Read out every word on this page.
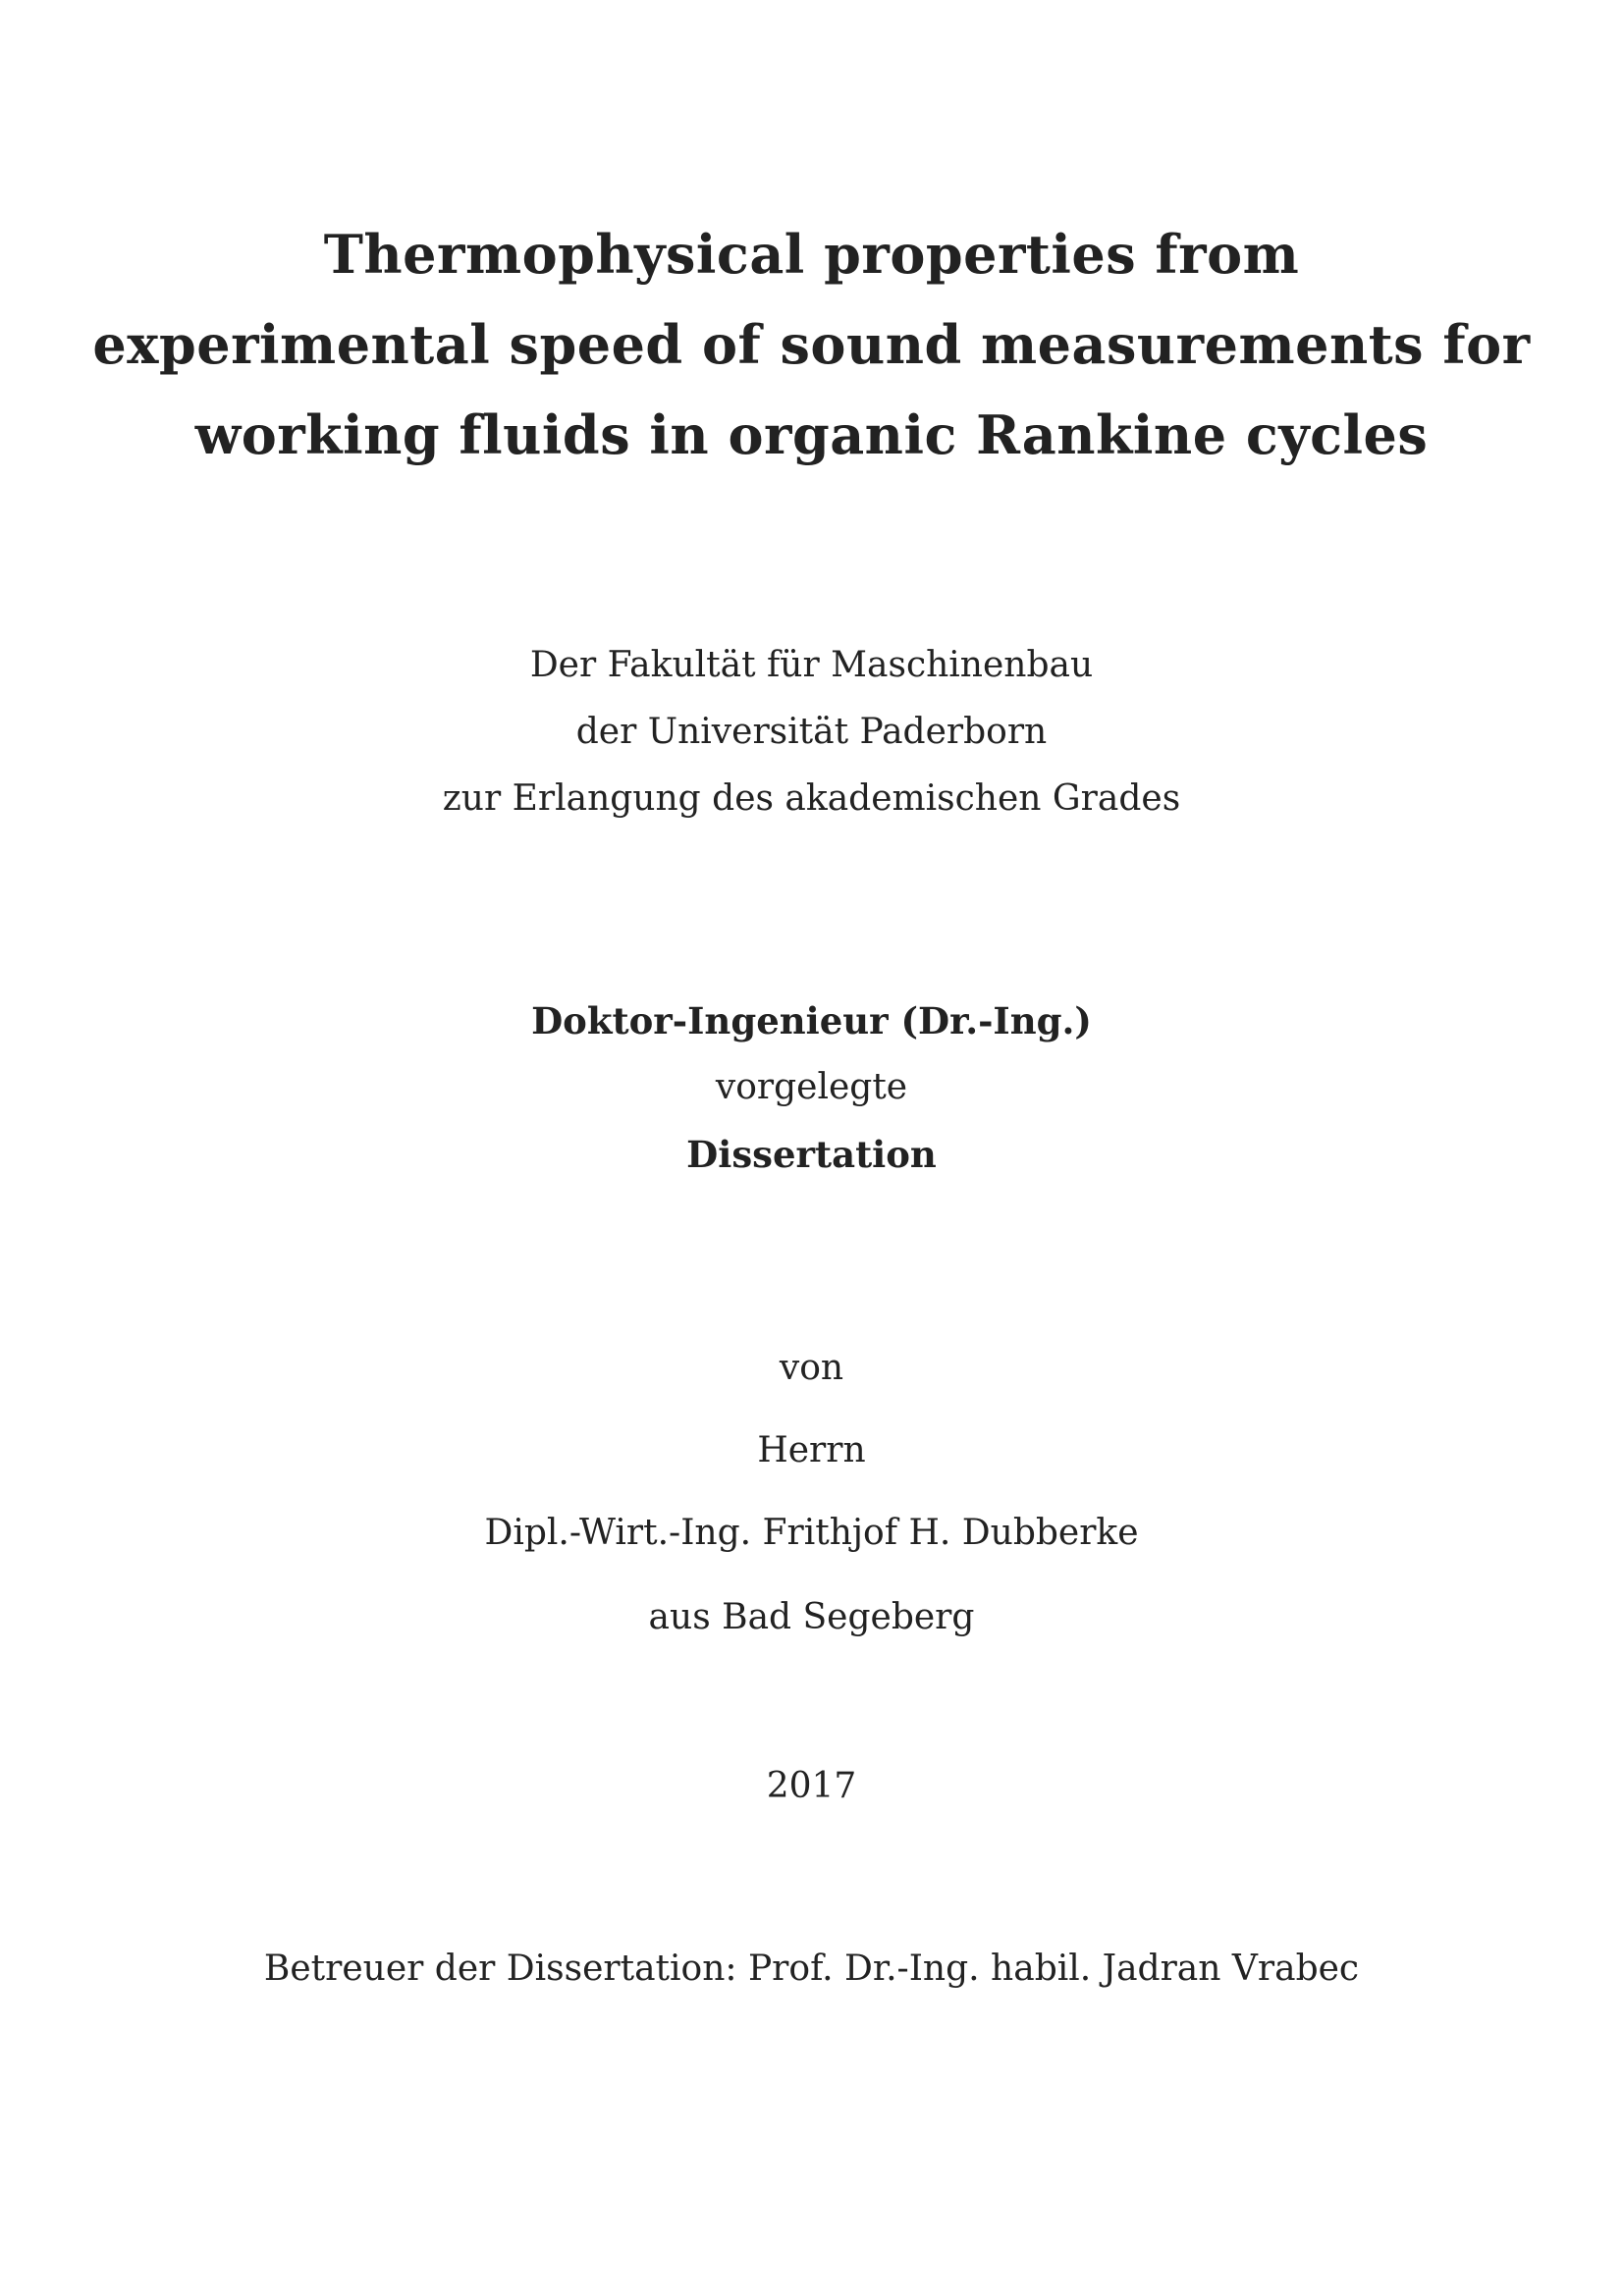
Thermophysical properties from
experimental speed of sound measurements for
working fluids in organic Rankine cycles
Der Fakultät für Maschinenbau
der Universität Paderborn
zur Erlangung des akademischen Grades
Doktor-Ingenieur (Dr.-Ing.)
vorgelegte
Dissertation
von
Herrn
Dipl.-Wirt.-Ing. Frithjof H. Dubberke
aus Bad Segeberg
2017
Betreuer der Dissertation: Prof. Dr.-Ing. habil. Jadran Vrabec
